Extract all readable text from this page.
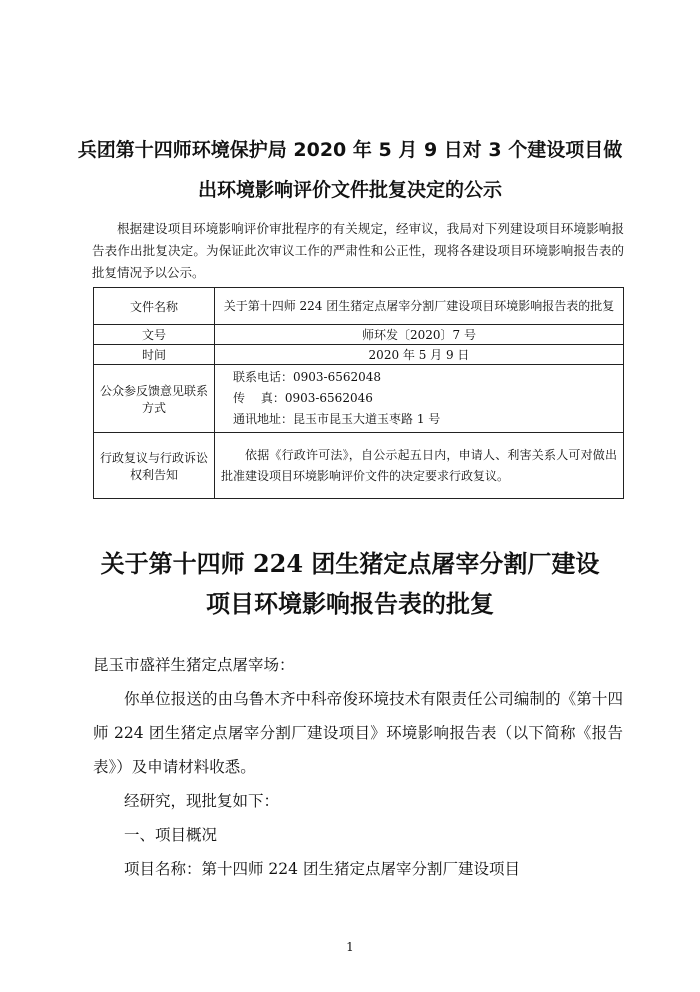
兵团第十四师环境保护局 2020 年 5 月 9 日对 3 个建设项目做
出环境影响评价文件批复决定的公示
根据建设项目环境影响评价审批程序的有关规定，经审议，我局对下列建设项目环境影响报告表作出批复决定。为保证此次审议工作的严肃性和公正性，现将各建设项目环境影响报告表的批复情况予以公示。
文件名称	关于第十四师 224 团生猪定点屠宰分割厂建设项目环境影响报告表的批复
文号	师环发〔2020〕7 号
时间	2020 年 5 月 9 日
公众参反馈意见联系方式	联系电话：0903-6562048
传　 真：0903-6562046
通讯地址：昆玉市昆玉大道玉枣路 1 号

行政复议与行政诉讼权利告知	依据《行政许可法》，自公示起五日内，申请人、利害关系人可对做出批准建设项目环境影响评价文件的决定要求行政复议。
关于第十四师 224 团生猪定点屠宰分割厂建设
项目环境影响报告表的批复
昆玉市盛祥生猪定点屠宰场：
你单位报送的由乌鲁木齐中科帝俊环境技术有限责任公司编制的《第十四师 224 团生猪定点屠宰分割厂建设项目》环境影响报告表（以下简称《报告表》）及申请材料收悉。
经研究，现批复如下：
一、项目概况
项目名称：第十四师 224 团生猪定点屠宰分割厂建设项目
1
